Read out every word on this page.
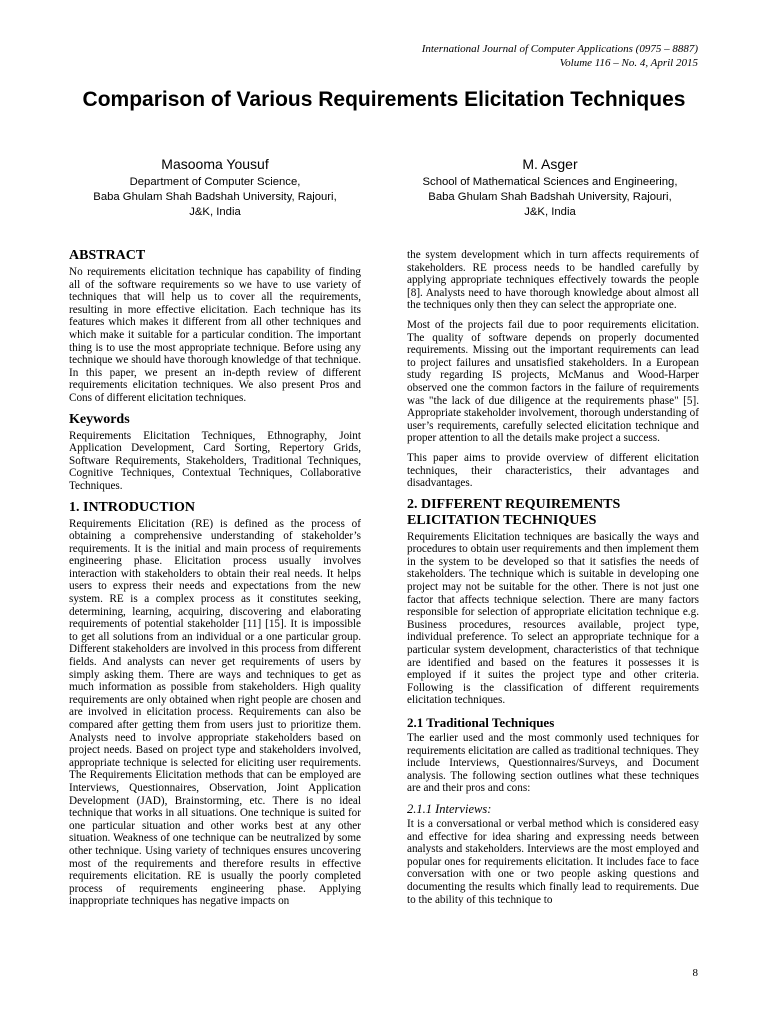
International Journal of Computer Applications (0975 – 8887)
Volume 116 – No. 4, April 2015
Comparison of Various Requirements Elicitation Techniques
Masooma Yousuf
Department of Computer Science,
Baba Ghulam Shah Badshah University, Rajouri,
J&K, India
M. Asger
School of Mathematical Sciences and Engineering,
Baba Ghulam Shah Badshah University, Rajouri,
J&K, India
ABSTRACT

No requirements elicitation technique has capability of finding all of the software requirements so we have to use variety of techniques that will help us to cover all the requirements, resulting in more effective elicitation. Each technique has its features which makes it different from all other techniques and which make it suitable for a particular condition. The important thing is to use the most appropriate technique. Before using any technique we should have thorough knowledge of that technique. In this paper, we present an in-depth review of different requirements elicitation techniques. We also present Pros and Cons of different elicitation techniques.

Keywords

Requirements Elicitation Techniques, Ethnography, Joint Application Development, Card Sorting, Repertory Grids, Software Requirements, Stakeholders, Traditional Techniques, Cognitive Techniques, Contextual Techniques, Collaborative Techniques.

1. INTRODUCTION

Requirements Elicitation (RE) is defined as the process of obtaining a comprehensive understanding of stakeholder’s requirements. It is the initial and main process of requirements engineering phase. Elicitation process usually involves interaction with stakeholders to obtain their real needs. It helps users to express their needs and expectations from the new system. RE is a complex process as it constitutes seeking, determining, learning, acquiring, discovering and elaborating requirements of potential stakeholder [11] [15]. It is impossible to get all solutions from an individual or a one particular group. Different stakeholders are involved in this process from different fields. And analysts can never get requirements of users by simply asking them. There are ways and techniques to get as much information as possible from stakeholders. High quality requirements are only obtained when right people are chosen and are involved in elicitation process. Requirements can also be compared after getting them from users just to prioritize them. Analysts need to involve appropriate stakeholders based on project needs. Based on project type and stakeholders involved, appropriate technique is selected for eliciting user requirements. The Requirements Elicitation methods that can be employed are Interviews, Questionnaires, Observation, Joint Application Development (JAD), Brainstorming, etc. There is no ideal technique that works in all situations. One technique is suited for one particular situation and other works best at any other situation. Weakness of one technique can be neutralized by some other technique. Using variety of techniques ensures uncovering most of the requirements and therefore results in effective requirements elicitation. RE is usually the poorly completed process of requirements engineering phase. Applying inappropriate techniques has negative impacts on

the system development which in turn affects requirements of stakeholders. RE process needs to be handled carefully by applying appropriate techniques effectively towards the people [8]. Analysts need to have thorough knowledge about almost all the techniques only then they can select the appropriate one.

Most of the projects fail due to poor requirements elicitation. The quality of software depends on properly documented requirements. Missing out the important requirements can lead to project failures and unsatisfied stakeholders. In a European study regarding IS projects, McManus and Wood-Harper observed one the common factors in the failure of requirements was "the lack of due diligence at the requirements phase" [5]. Appropriate stakeholder involvement, thorough understanding of user’s requirements, carefully selected elicitation technique and proper attention to all the details make project a success.

This paper aims to provide overview of different elicitation techniques, their characteristics, their advantages and disadvantages.

2. DIFFERENT REQUIREMENTS ELICITATION TECHNIQUES

Requirements Elicitation techniques are basically the ways and procedures to obtain user requirements and then implement them in the system to be developed so that it satisfies the needs of stakeholders. The technique which is suitable in developing one project may not be suitable for the other. There is not just one factor that affects technique selection. There are many factors responsible for selection of appropriate elicitation technique e.g. Business procedures, resources available, project type, individual preference. To select an appropriate technique for a particular system development, characteristics of that technique are identified and based on the features it possesses it is employed if it suites the project type and other criteria. Following is the classification of different requirements elicitation techniques.

2.1 Traditional Techniques

The earlier used and the most commonly used techniques for requirements elicitation are called as traditional techniques. They include Interviews, Questionnaires/Surveys, and Document analysis. The following section outlines what these techniques are and their pros and cons:

2.1.1 Interviews:

It is a conversational or verbal method which is considered easy and effective for idea sharing and expressing needs between analysts and stakeholders. Interviews are the most employed and popular ones for requirements elicitation. It includes face to face conversation with one or two people asking questions and documenting the results which finally lead to requirements. Due to the ability of this technique to

8
